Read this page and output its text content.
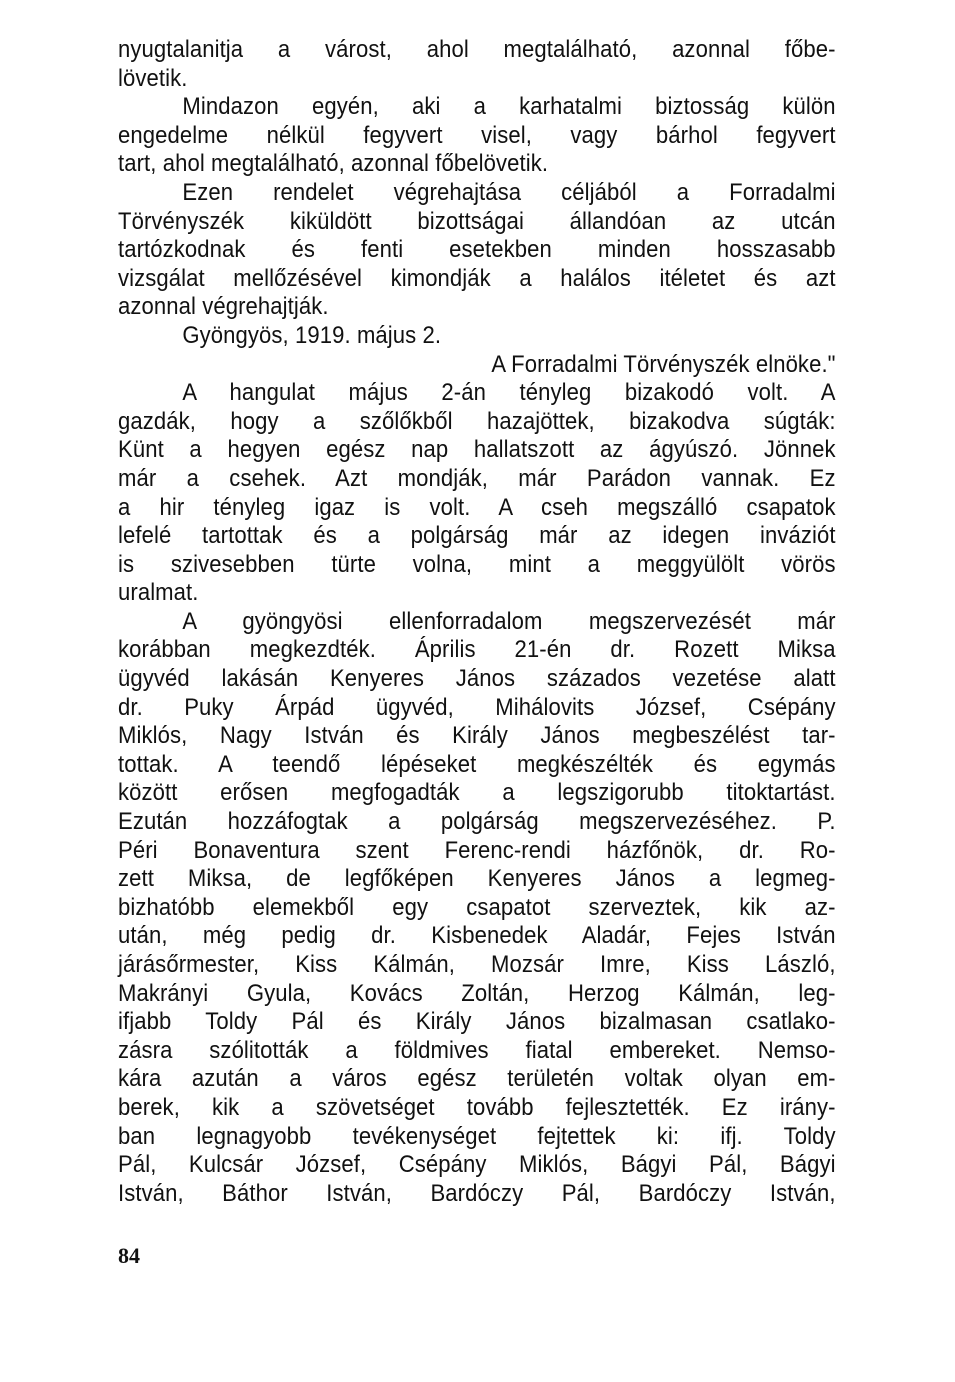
nyugtalanitja a várost, ahol megtalálható, azonnal főbe-
lövetik.
Mindazon egyén, aki a karhatalmi biztosság külön
engedelme nélkül fegyvert visel, vagy bárhol fegyvert
tart, ahol megtalálható, azonnal főbelövetik.
Ezen rendelet végrehajtása céljából a Forradalmi
Törvényszék kiküldött bizottságai állandóan az utcán
tartózkodnak és fenti esetekben minden hosszasabb
vizsgálat mellőzésével kimondják a halálos itéletet és azt
azonnal végrehajtják.
Gyöngyös, 1919. május 2.
A Forradalmi Törvényszék elnöke."
A hangulat május 2-án tényleg bizakodó volt. A
gazdák, hogy a szőlőkből hazajöttek, bizakodva súgták:
Künt a hegyen egész nap hallatszott az ágyúszó. Jönnek
már a csehek. Azt mondják, már Parádon vannak. Ez
a hir tényleg igaz is volt. A cseh megszálló csapatok
lefelé tartottak és a polgárság már az idegen inváziót
is szivesebben türte volna, mint a meggyülölt vörös
uralmat.
A gyöngyösi ellenforradalom megszervezését már
korábban megkezdték. Április 21-én dr. Rozett Miksa
ügyvéd lakásán Kenyeres János százados vezetése alatt
dr. Puky Árpád ügyvéd, Mihálovits József, Csépány
Miklós, Nagy István és Király János megbeszélést tar-
tottak. A teendő lépéseket megkészélték és egymás
között erősen megfogadták a legszigorubb titoktartást.
Ezután hozzáfogtak a polgárság megszervezéséhez. P.
Péri Bonaventura szent Ferenc-rendi házfőnök, dr. Ro-
zett Miksa, de legfőképen Kenyeres János a legmeg-
bizhatóbb elemekből egy csapatot szerveztek, kik az-
után, még pedig dr. Kisbenedek Aladár, Fejes István
járásőrmester, Kiss Kálmán, Mozsár Imre, Kiss László,
Makrányi Gyula, Kovács Zoltán, Herzog Kálmán, leg-
ifjabb Toldy Pál és Király János bizalmasan csatlako-
zásra szólitották a földmives fiatal embereket. Nemso-
kára azután a város egész területén voltak olyan em-
berek, kik a szövetséget tovább fejlesztették. Ez irány-
ban legnagyobb tevékenységet fejtettek ki: ifj. Toldy
Pál, Kulcsár József, Csépány Miklós, Bágyi Pál, Bágyi
István, Báthor István, Bardóczy Pál, Bardóczy István,
84
